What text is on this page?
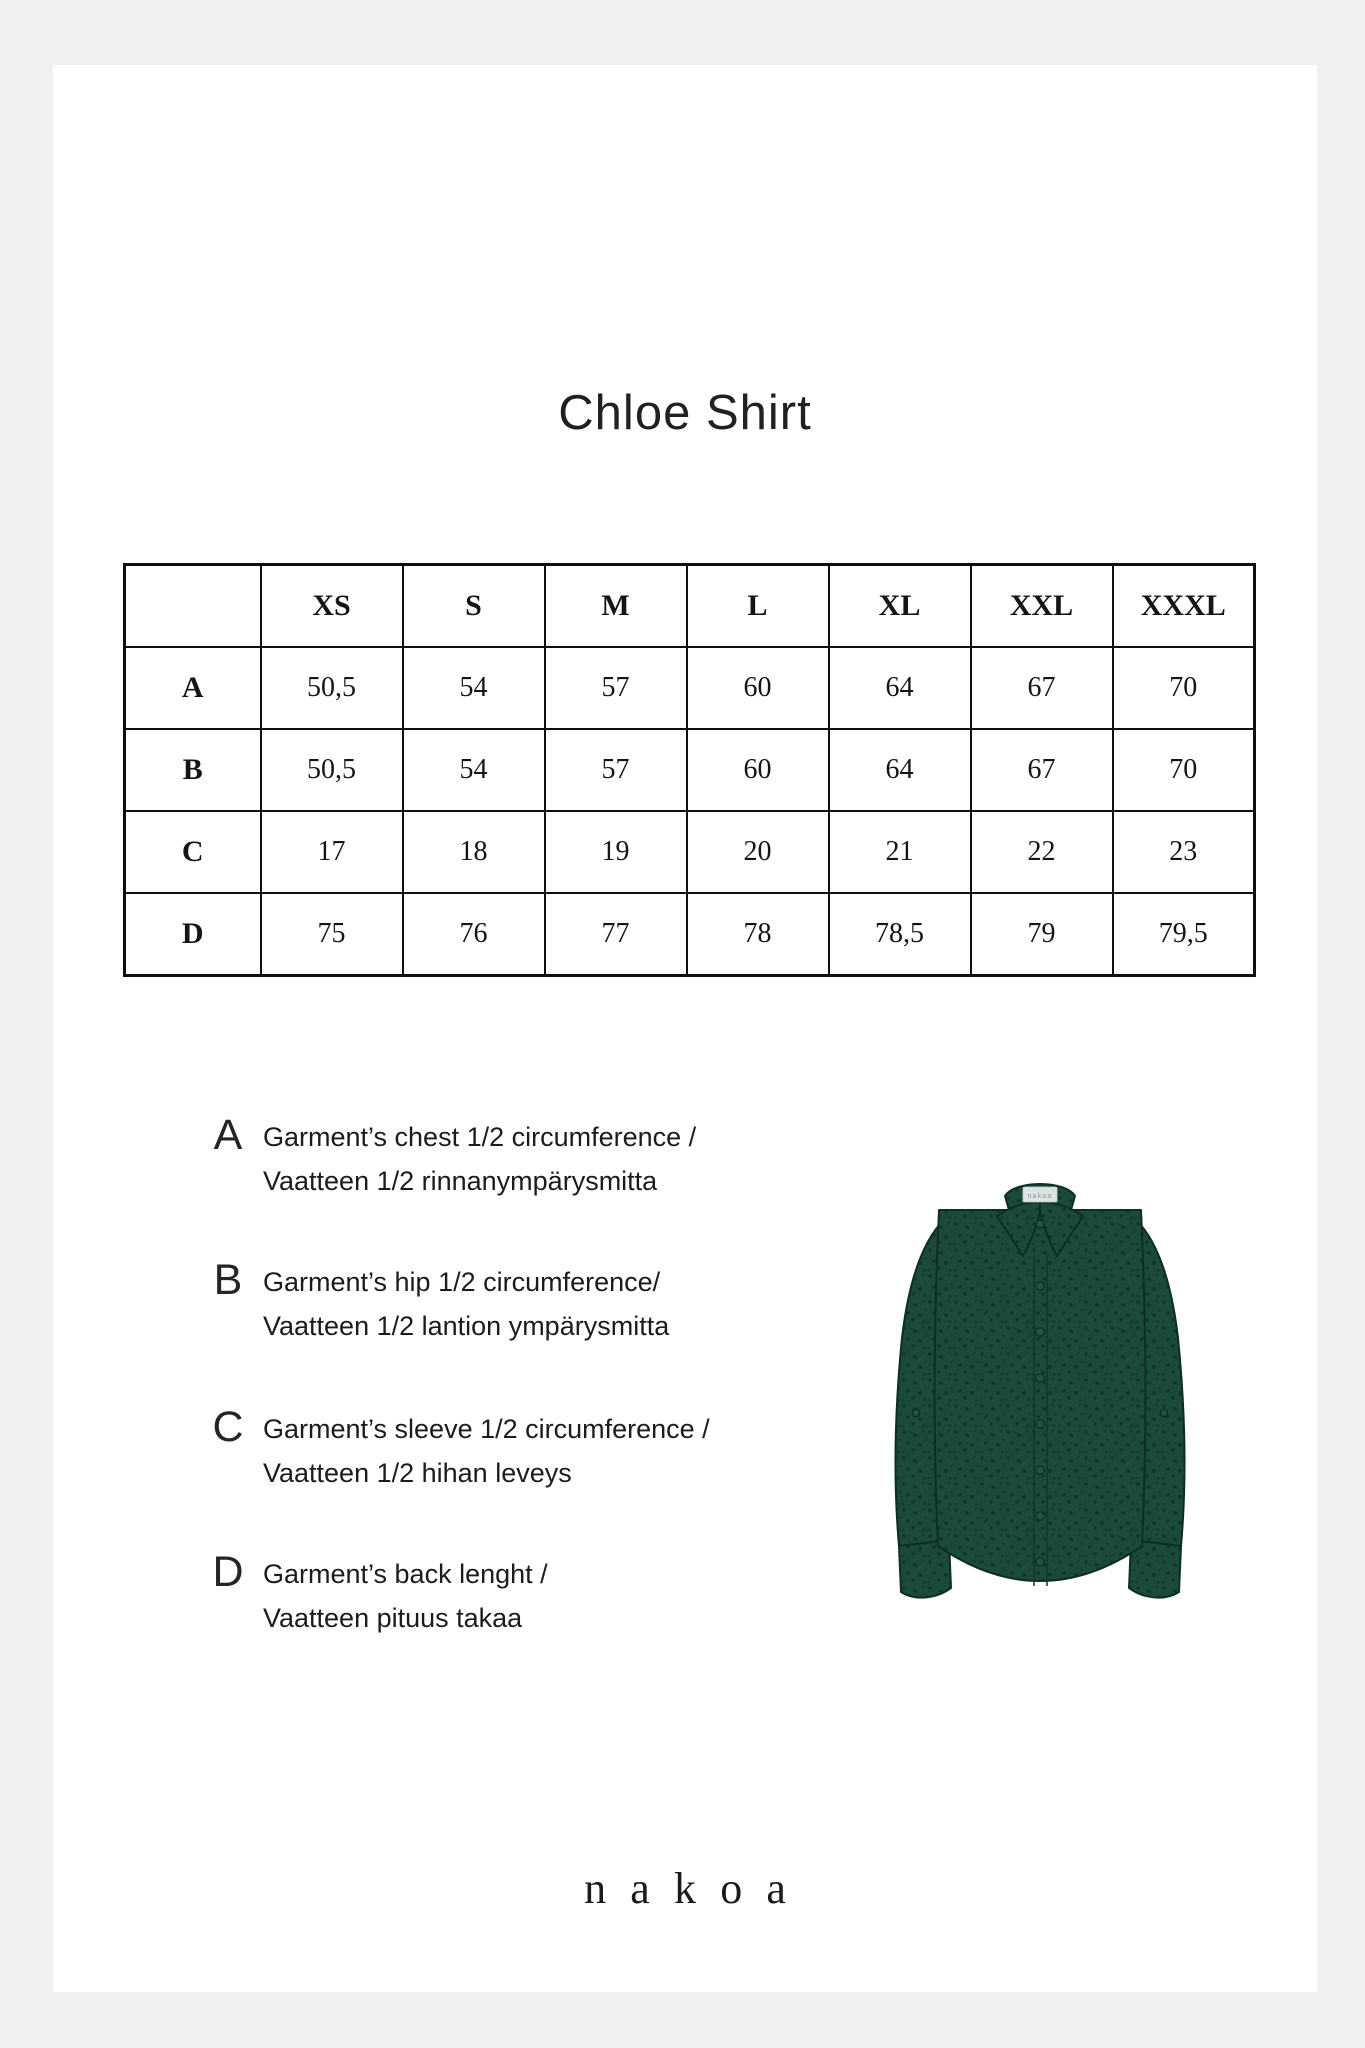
Chloe Shirt
	XS	S	M	L	XL	XXL	XXXL
A	50,5	54	57	60	64	67	70
B	50,5	54	57	60	64	67	70
C	17	18	19	20	21	22	23
D	75	76	77	78	78,5	79	79,5
A Garment’s chest 1/2 circumference /
Vaatteen 1/2 rinnanympärysmitta
B Garment’s hip 1/2 circumference/
Vaatteen 1/2 lantion ympärysmitta
C Garment’s sleeve 1/2 circumference /
Vaatteen 1/2 hihan leveys
D Garment’s back lenght /
Vaatteen pituus takaa
nakoa
nakoa
